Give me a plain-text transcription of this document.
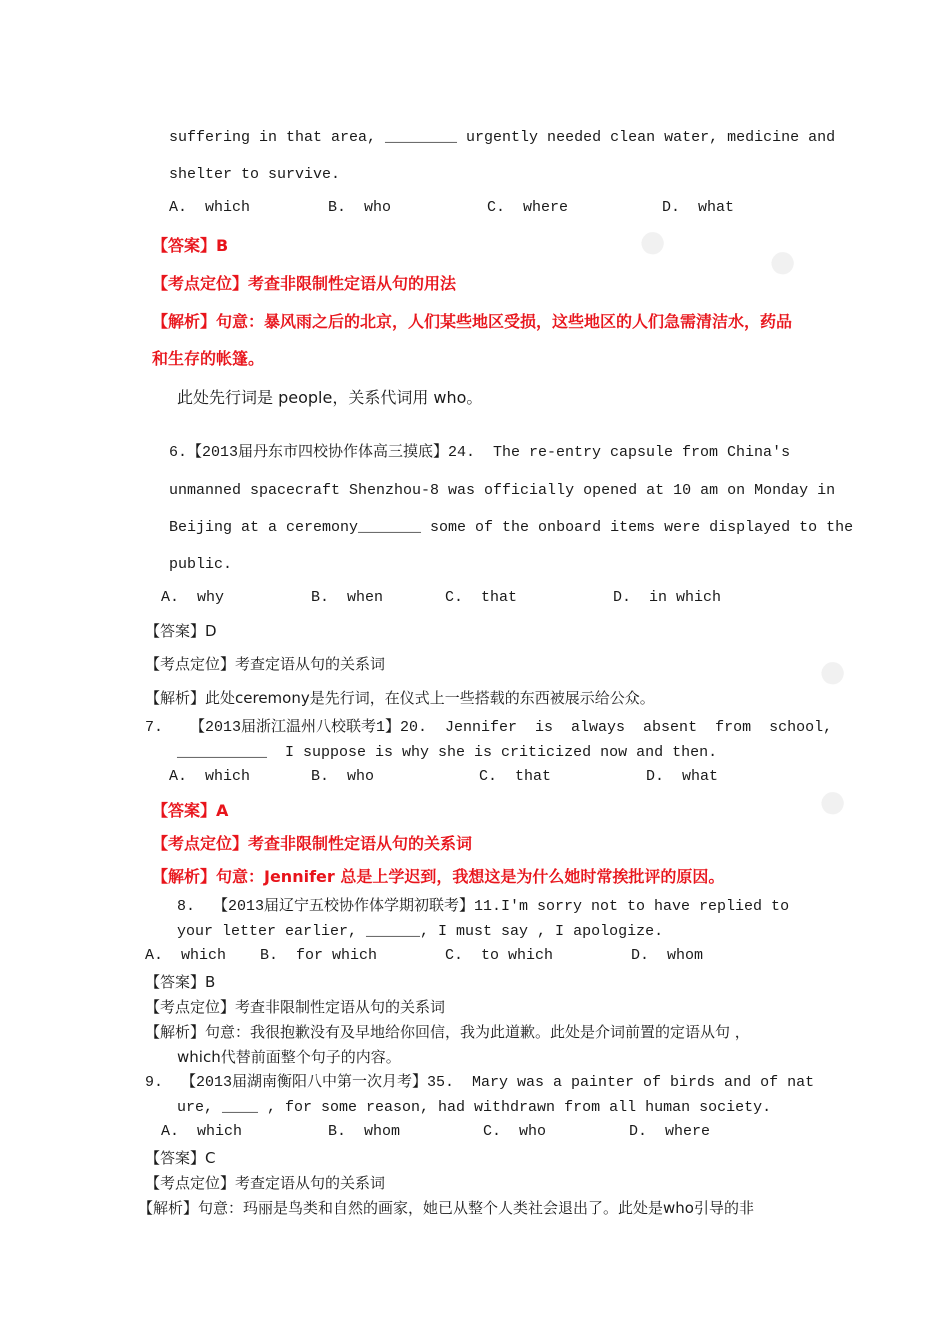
⬤
⬤
⬤
⬤
suffering in that area, ________ urgently needed clean water, medicine and
shelter to survive.
A.  which	B.  who	C.  where	D.  what
【答案】B
【考点定位】考查非限制性定语从句的用法
【解析】句意：暴风雨之后的北京，人们某些地区受损，这些地区的人们急需清洁水，药品
和生存的帐篷。
此处先行词是 people，关系代词用 who。
6.【2013届丹东市四校协作体高三摸底】24.  The re-entry capsule from China's
unmanned spacecraft Shenzhou-8 was officially opened at 10 am on Monday in
Beijing at a ceremony_______ some of the onboard items were displayed to the
public.
A.  why	B.  when	C.  that	D.  in which
【答案】D
【考点定位】考查定语从句的关系词
【解析】此处ceremony是先行词，在仪式上一些搭载的东西被展示给公众。
7.   【2013届浙江温州八校联考1】20.  Jennifer  is  always  absent  from  school,
__________  I suppose is why she is criticized now and then.
A.  which	B.  who	C.  that	D.  what
【答案】A
【考点定位】考查非限制性定语从句的关系词
【解析】句意：Jennifer 总是上学迟到，我想这是为什么她时常挨批评的原因。
8.  【2013届辽宁五校协作体学期初联考】11.I'm sorry not to have replied to
your letter earlier, ______, I must say , I apologize.
A.  which B.  for which	C.  to which	D.  whom
【答案】B
【考点定位】考查非限制性定语从句的关系词
【解析】句意：我很抱歉没有及早地给你回信，我为此道歉。此处是介词前置的定语从句 ，
which代替前面整个句子的内容。
9.  【2013届湖南衡阳八中第一次月考】35.  Mary was a painter of birds and of nat
ure, ____ , for some reason, had withdrawn from all human society.
A.  which	B.  whom	C.  who	D.  where
【答案】C
【考点定位】考查定语从句的关系词
【解析】句意：玛丽是鸟类和自然的画家，她已从整个人类社会退出了。此处是who引导的非
